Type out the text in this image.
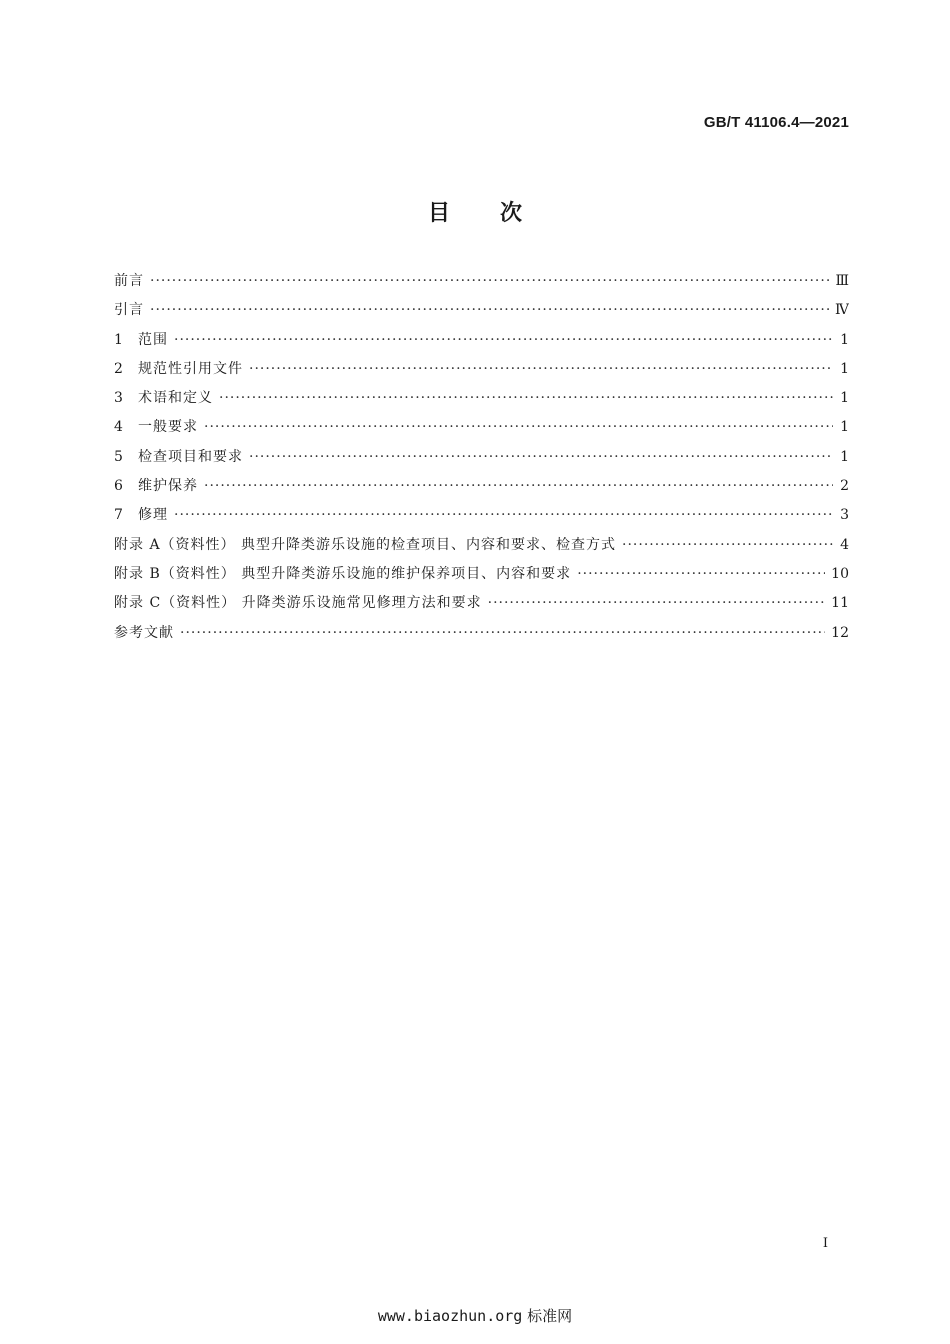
GB/T 41106.4—2021
目次
前言 ·····	Ⅲ
引言 ·····	Ⅳ
1	范围 ·····	1
2	规范性引用文件 ·····	1
3	术语和定义 ·····	1
4	一般要求 ·····	1
5	检查项目和要求 ·····	1
6	维护保养 ·····	2
7	修理 ·····	3
附录 A（资料性） 典型升降类游乐设施的检查项目、内容和要求、检查方式 ·····	4
附录 B（资料性） 典型升降类游乐设施的维护保养项目、内容和要求 ·····	10
附录 C（资料性） 升降类游乐设施常见修理方法和要求 ·····	11
参考文献 ·····	12
Ⅰ
www.biaozhun.org 标准网
